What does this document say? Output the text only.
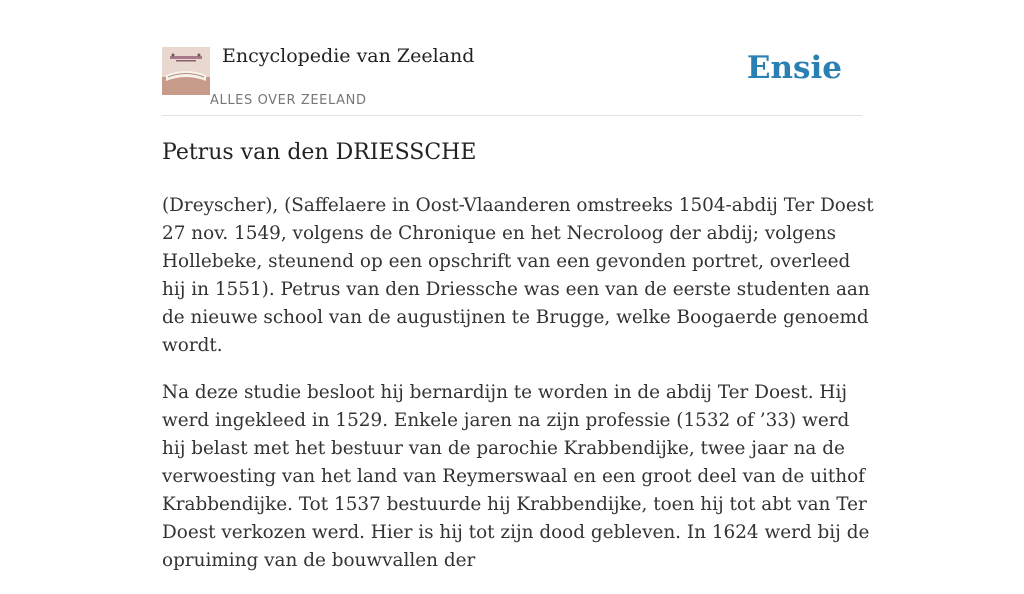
Encyclopedie van Zeeland
ALLES OVER ZEELAND
Ensie
Petrus van den DRIESSCHE

(Dreyscher), (Saffelaere in Oost-Vlaanderen omstreeks 1504-abdij Ter Doest 27 nov. 1549, volgens de Chronique en het Necroloog der abdij; volgens Hollebeke, steunend op een opschrift van een gevonden portret, overleed hij in 1551). Petrus van den Driessche was een van de eerste studenten aan de nieuwe school van de augustijnen te Brugge, welke Boogaerde genoemd wordt.

Na deze studie besloot hij bernardijn te worden in de abdij Ter Doest. Hij werd ingekleed in 1529. Enkele jaren na zijn professie (1532 of ’33) werd hij belast met het bestuur van de parochie Krabbendijke, twee jaar na de verwoesting van het land van Reymerswaal en een groot deel van de uithof Krabbendijke. Tot 1537 bestuurde hij Krabbendijke, toen hij tot abt van Ter Doest verkozen werd. Hier is hij tot zijn dood gebleven. In 1624 werd bij de opruiming van de bouwvallen der
